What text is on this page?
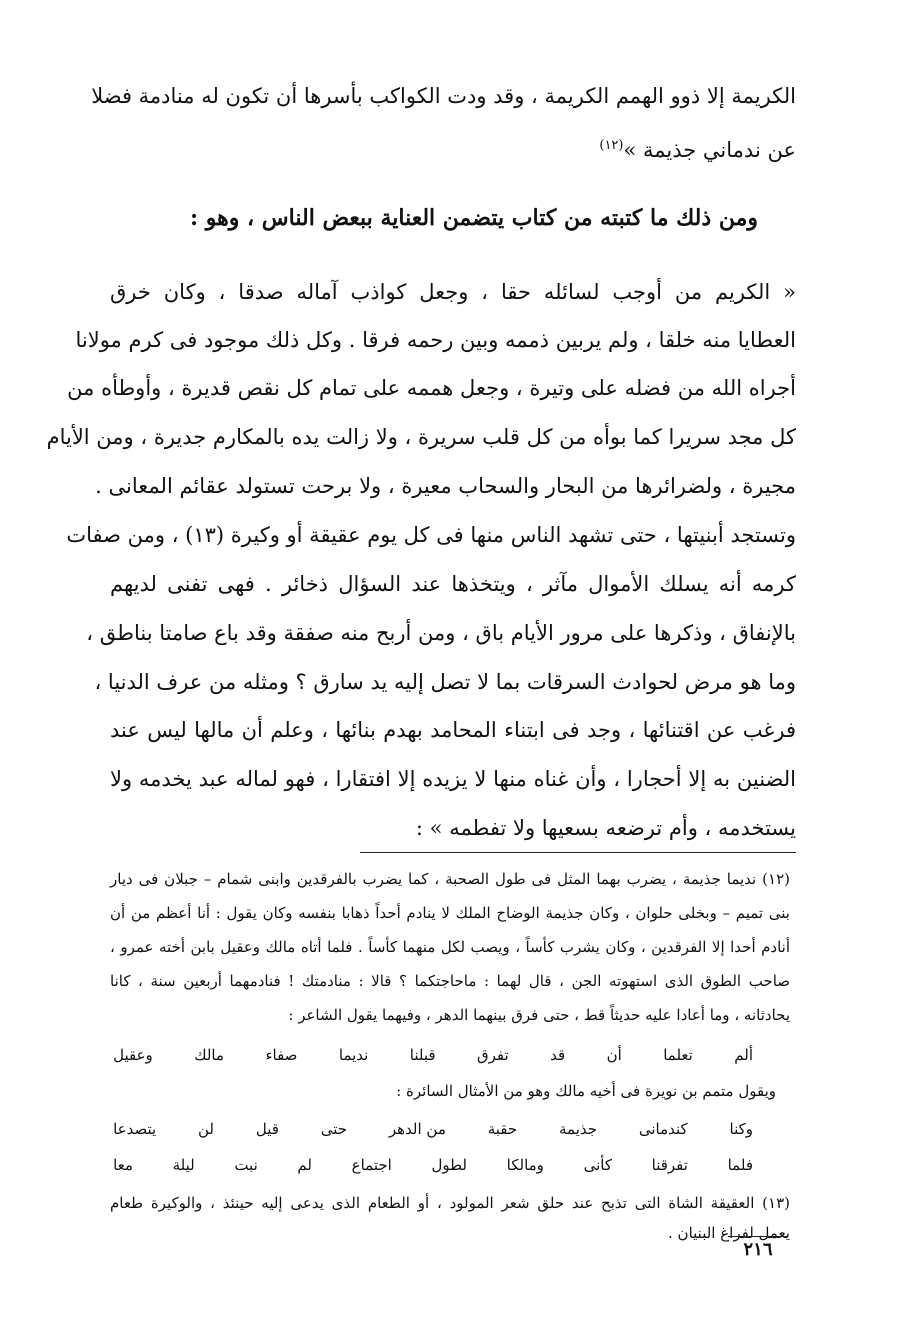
الكريمة إلا ذوو الهمم الكريمة ، وقد ودت الكواكب بأسرها أن تكون له منادمة فضلا
عن ندماني جذيمة »$^{(١٢)}$
ومن ذلك ما كتبته من كتاب يتضمن العناية ببعض الناس ، وهو :
« الكريم من أوجب لسائله حقا ، وجعل كواذب آماله صدقا ، وكان خرق
العطايا منه خلقا ، ولم يربين ذممه وبين رحمه فرقا . وكل ذلك موجود فى كرم مولانا
أجراه الله من فضله على وتيرة ، وجعل هممه على تمام كل نقص قديرة ، وأوطأه من
كل مجد سريرا كما بوأه من كل قلب سريرة ، ولا زالت يده بالمكارم جديرة ، ومن الأيام
مجيرة ، ولضرائرها من البحار والسحاب معيرة ، ولا برحت تستولد عقائم المعانى .
وتستجد أبنيتها ، حتى تشهد الناس منها فى كل يوم عقيقة أو وكيرة (١٣) ، ومن صفات
كرمه أنه يسلك الأموال مآثر ، ويتخذها عند السؤال ذخائر . فهى تفنى لديهم
بالإنفاق ، وذكرها على مرور الأيام باق ، ومن أربح منه صفقة وقد باع صامتا بناطق ،
وما هو مرض لحوادث السرقات بما لا تصل إليه يد سارق ؟ ومثله من عرف الدنيا ،
فرغب عن اقتنائها ، وجد فى ابتناء المحامد بهدم بنائها ، وعلم أن مالها ليس عند
الضنين به إلا أحجارا ، وأن غناه منها لا يزيده إلا افتقارا ، فهو لماله عبد يخدمه ولا
يستخدمه ، وأم ترضعه بسعيها ولا تفطمه » :
(١٢) نديما جذيمة ، يضرب بهما المثل فى طول الصحبة ، كما يضرب بالفرقدين وابنى شمام – جبلان فى ديار
بنى تميم – وبخلى حلوان ، وكان جذيمة الوضاح الملك لا ينادم أحداً ذهابا بنفسه وكان يقول : أنا أعظم من أن
أنادم أحدا إلا الفرقدين ، وكان يشرب كأساً ، ويصب لكل منهما كأساً . فلما أتاه مالك وعقيل بابن أخته عمرو ،
صاحب الطوق الذى استهوته الجن ، قال لهما : ماحاجتكما ؟ قالا : منادمتك ! فنادمهما أربعين سنة ، كانا
يحادثانه ، وما أعادا عليه حديثاً قط ، حتى فرق بينهما الدهر ، وفيهما يقول الشاعر :
ألم
تعلما
أن
قد
تفرق
قبلنا
نديما
صفاء
مالك
وعقيل
ويقول متمم بن نويرة فى أخيه مالك وهو من الأمثال السائرة :
وكنا
كندمانى
جذيمة
حقبة
من الدهر
حتى
قيل
لن
يتصدعا
فلما
تفرقنا
كأنى
ومالكا
لطول
اجتماع
لم
نبت
ليلة
معا
(١٣) العقيقة الشاة التى تذبح عند حلق شعر المولود ، أو الطعام الذى يدعى إليه حينئذ ، والوكيرة طعام
يعمل لفراغ البنيان .
٢١٦
